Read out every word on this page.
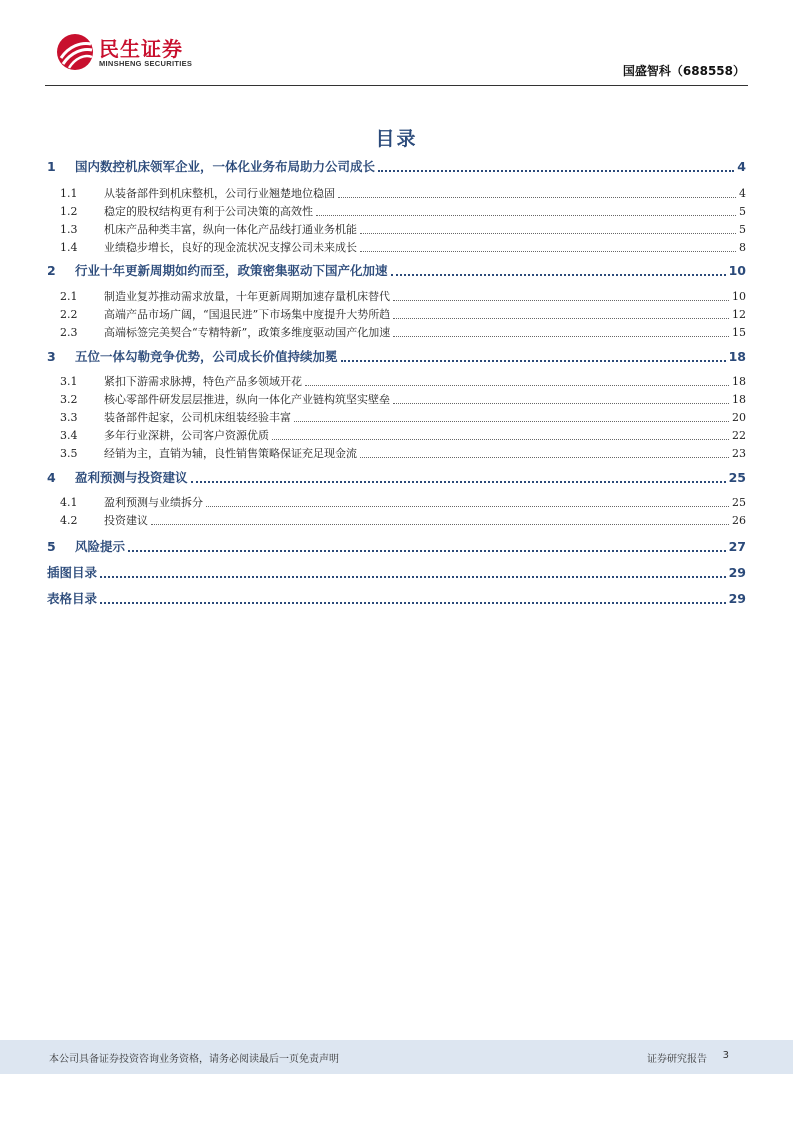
民生证券
MINSHENG SECURITIES
国盛智科（688558）
目录
1	国内数控机床领军企业，一体化业务布局助力公司成长	4
1.1	从装备部件到机床整机，公司行业翘楚地位稳固	4
1.2	稳定的股权结构更有利于公司决策的高效性	5
1.3	机床产品种类丰富，纵向一体化产品线打通业务机能	5
1.4	业绩稳步增长，良好的现金流状况支撑公司未来成长	8
2	行业十年更新周期如约而至，政策密集驱动下国产化加速	10
2.1	制造业复苏推动需求放量，十年更新周期加速存量机床替代	10
2.2	高端产品市场广阔，“国退民进”下市场集中度提升大势所趋	12
2.3	高端标签完美契合“专精特新”，政策多维度驱动国产化加速	15
3	五位一体勾勒竞争优势，公司成长价值持续加冕	18
3.1	紧扣下游需求脉搏，特色产品多领域开花	18
3.2	核心零部件研发层层推进，纵向一体化产业链构筑坚实壁垒	18
3.3	装备部件起家，公司机床组装经验丰富	20
3.4	多年行业深耕，公司客户资源优质	22
3.5	经销为主，直销为辅，良性销售策略保证充足现金流	23
4	盈利预测与投资建议	25
4.1	盈利预测与业绩拆分	25
4.2	投资建议	26
5	风险提示	27
插图目录	29
表格目录	29
本公司具备证券投资咨询业务资格，请务必阅读最后一页免责声明	证券研究报告 3
